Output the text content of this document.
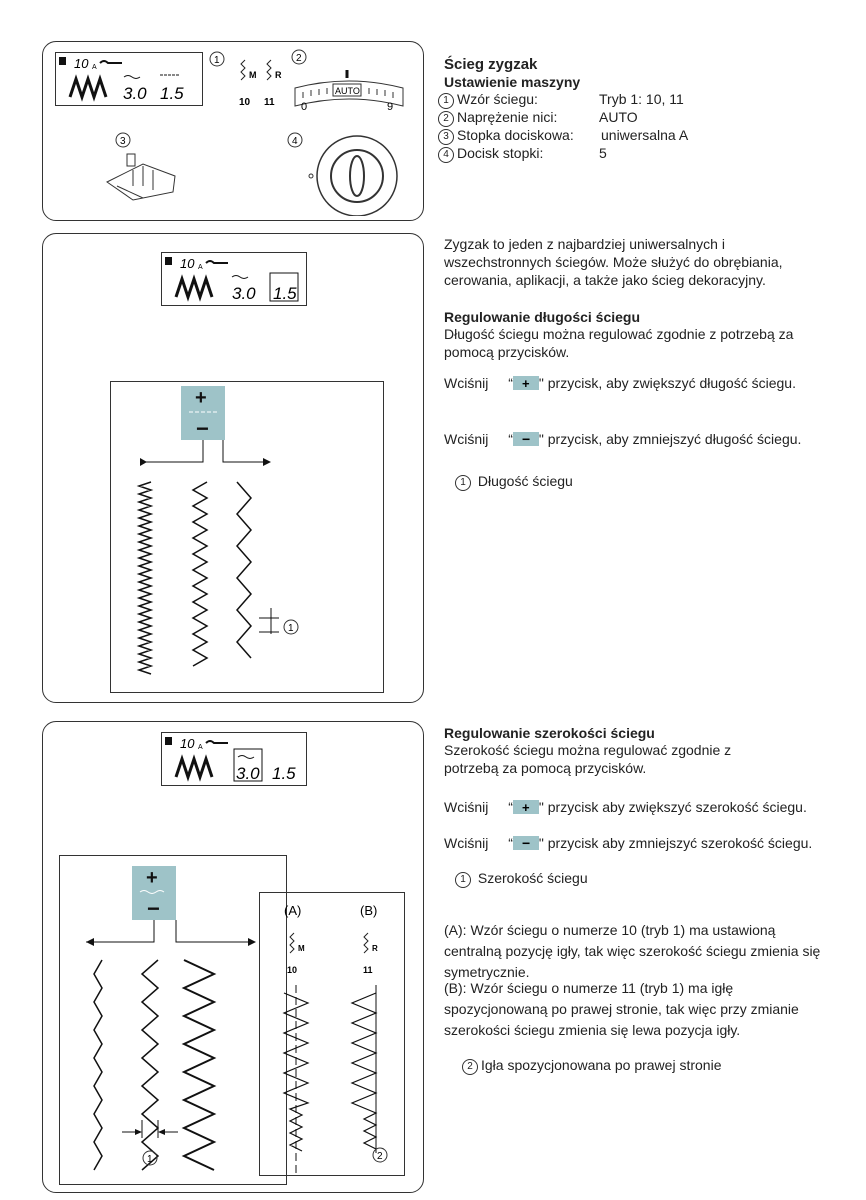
10 A
3.0 1.5
1
M R
10 11
2
AUTO
0	9
3	4
Ścieg zygzak
Ustawienie maszyny
1 Wzór ściegu:	Tryb 1: 10, 11
2 Naprężenie nici:	AUTO
3 Stopka dociskowa: uniwersalna A
4 Docisk stopki:	5
10 A
3.0 1.5
+
−
1
Zygzak to jeden z najbardziej uniwersalnych i wszechstronnych ściegów. Może służyć do obrębiania, cerowania, aplikacji, a także jako ścieg dekoracyjny.
Regulowanie długości ściegu
Długość ściegu można regulować zgodnie z potrzebą za pomocą przycisków.
Wciśnij “ + " przycisk, aby zwiększyć długość ściegu.
Wciśnij “ − " przycisk, aby zmniejszyć długość ściegu.
1 Długość ściegu
10 A
3.0 1.5
+
−
1
(A)	(B)
M
10
R
11
2
Regulowanie szerokości ściegu
Szerokość ściegu można regulować zgodnie z potrzebą za pomocą przycisków.
Wciśnij “ + " przycisk aby zwiększyć szerokość ściegu.
Wciśnij “ − " przycisk aby zmniejszyć szerokość ściegu.
1 Szerokość ściegu
(A): Wzór ściegu o numerze 10 (tryb 1) ma ustawioną centralną pozycję igły, tak więc szerokość ściegu zmienia się symetrycznie.
(B): Wzór ściegu o numerze 11 (tryb 1) ma igłę spozycjonowaną po prawej stronie, tak więc przy zmianie szerokości ściegu zmienia się lewa pozycja igły.
2 Igła spozycjonowana po prawej stronie
